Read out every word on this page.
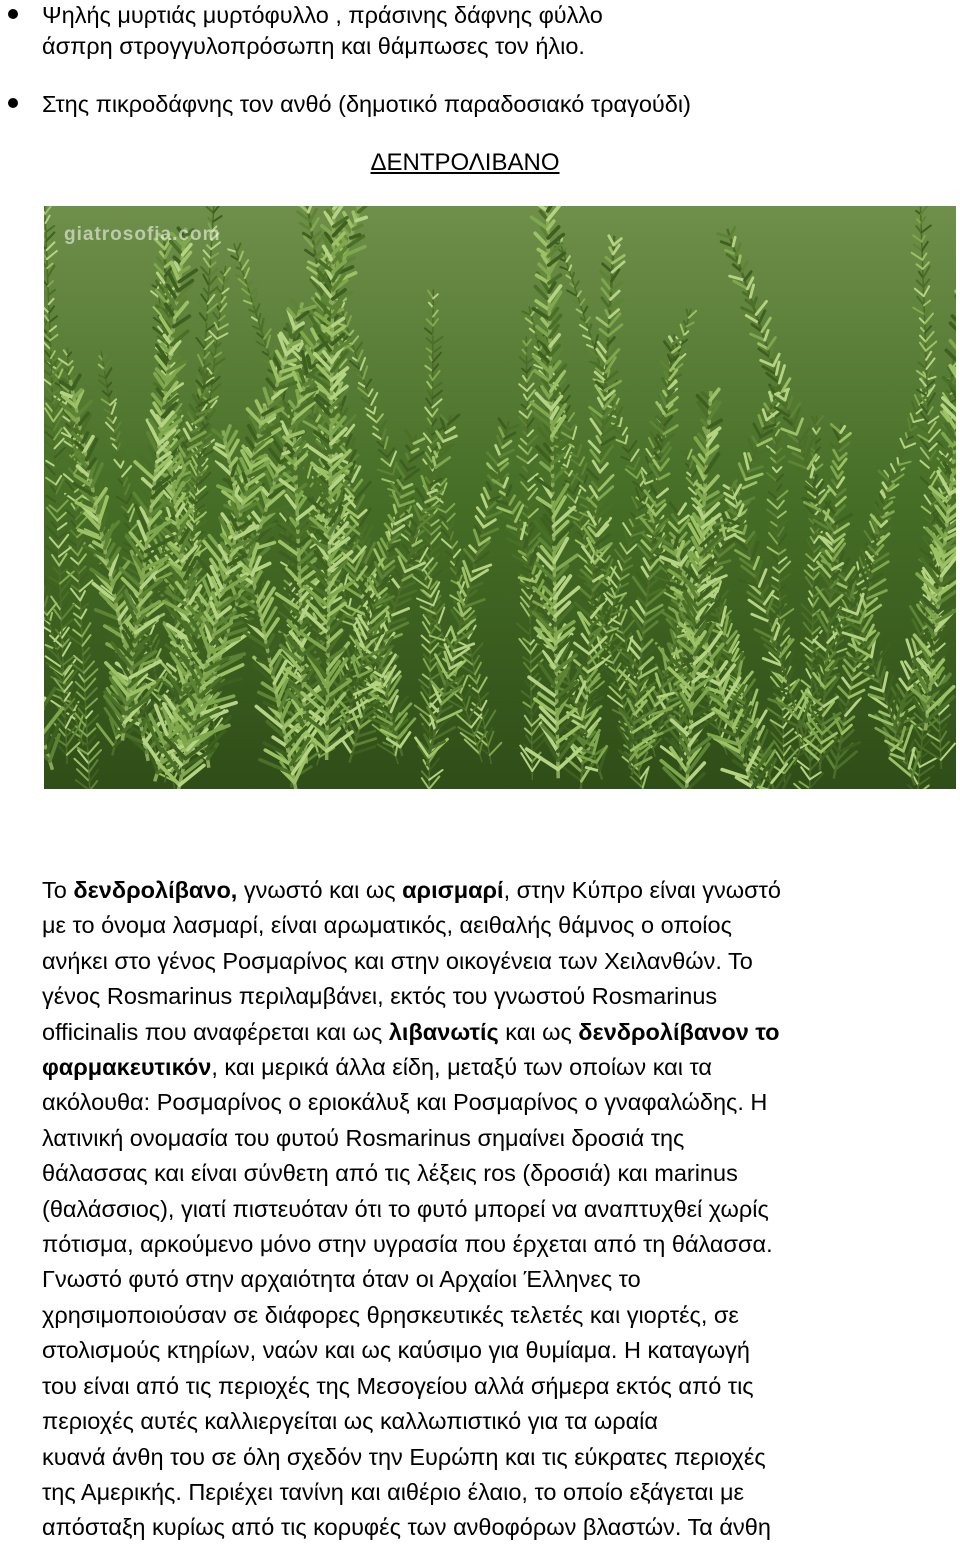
Ψηλής μυρτιάς μυρτόφυλλο , πράσινης δάφνης φύλλο
άσπρη στρογγυλοπρόσωπη και θάμπωσες τον ήλιο.
Στης πικροδάφνης τον ανθό (δημοτικό παραδοσιακό τραγούδι)
ΔΕΝΤΡΟΛΙΒΑΝΟ
giatrosofia.com
Το δενδρολίβανο, γνωστό και ως αρισμαρί, στην Κύπρο είναι γνωστό
με το όνομα λασμαρί, είναι αρωματικός, αειθαλής θάμνος ο οποίος
ανήκει στο γένος Ροσμαρίνος και στην οικογένεια των Χειλανθών. Το
γένος Rosmarinus περιλαμβάνει, εκτός του γνωστού Rosmarinus
officinalis που αναφέρεται και ως λιβανωτίς και ως δενδρολίβανον το
φαρμακευτικόν, και μερικά άλλα είδη, μεταξύ των οποίων και τα
ακόλουθα: Ροσμαρίνος ο εριοκάλυξ και Ροσμαρίνος ο γναφαλώδης. Η
λατινική ονομασία του φυτού Rosmarinus σημαίνει δροσιά της
θάλασσας και είναι σύνθετη από τις λέξεις ros (δροσιά) και marinus
(θαλάσσιος), γιατί πιστευόταν ότι το φυτό μπορεί να αναπτυχθεί χωρίς
πότισμα, αρκούμενο μόνο στην υγρασία που έρχεται από τη θάλασσα.
Γνωστό φυτό στην αρχαιότητα όταν οι Αρχαίοι Έλληνες το
χρησιμοποιούσαν σε διάφορες θρησκευτικές τελετές και γιορτές, σε
στολισμούς κτηρίων, ναών και ως καύσιμο για θυμίαμα. Η καταγωγή
του είναι από τις περιοχές της Μεσογείου αλλά σήμερα εκτός από τις
περιοχές αυτές καλλιεργείται ως καλλωπιστικό για τα ωραία
κυανά άνθη του σε όλη σχεδόν την Ευρώπη και τις εύκρατες περιοχές
της Αμερικής. Περιέχει τανίνη και αιθέριο έλαιο, το οποίο εξάγεται με
απόσταξη κυρίως από τις κορυφές των ανθοφόρων βλαστών. Τα άνθη
